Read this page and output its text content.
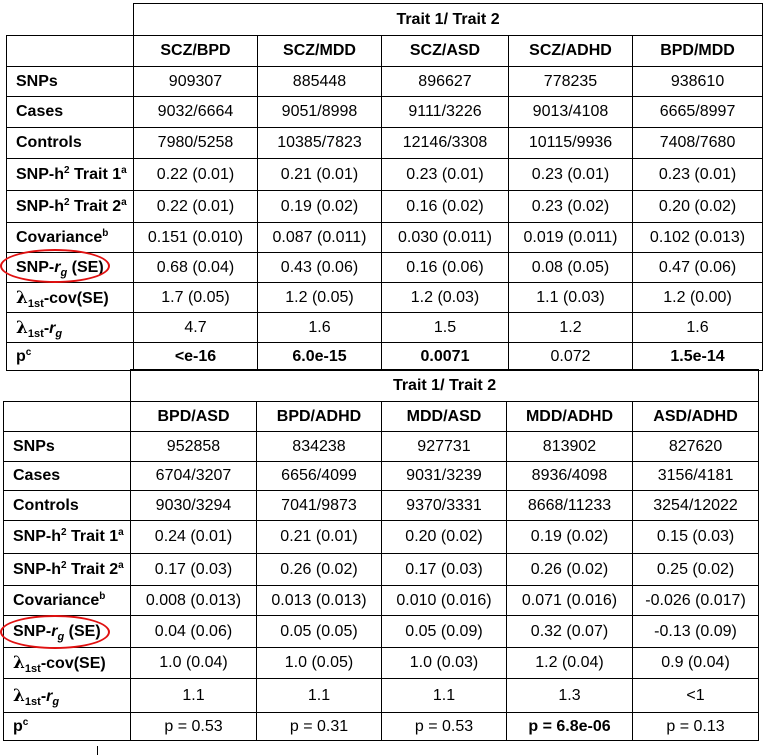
	Trait 1/ Trait 2				
	SCZ/BPD	SCZ/MDD	SCZ/ASD	SCZ/ADHD	BPD/MDD
SNPs	909307	885448	896627	778235	938610
Cases	9032/6664	9051/8998	9111/3226	9013/4108	6665/8997
Controls	7980/5258	10385/7823	12146/3308	10115/9936	7408/7680
SNP-$h^2$ Trait 1$^a$	0.22 (0.01)	0.21 (0.01)	0.23 (0.01)	0.23 (0.01)	0.23 (0.01)
SNP-$h^2$ Trait 2$^a$	0.22 (0.01)	0.19 (0.02)	0.16 (0.02)	0.23 (0.02)	0.20 (0.02)
Covariance$^b$	0.151 (0.010)	0.087 (0.011)	0.030 (0.011)	0.019 (0.011)	0.102 (0.013)
SNP-$r_g$ (SE)	0.68 (0.04)	0.43 (0.06)	0.16 (0.06)	0.08 (0.05)	0.47 (0.06)
$\lambda_{1st}-cov(SE)$	1.7 (0.05)	1.2 (0.05)	1.2 (0.03)	1.1 (0.03)	1.2 (0.00)
$\lambda_{1st}-r_g$	4.7	1.6	1.5	1.2	1.6
$p^c$	<e-16	6.0e-15	0.0071	0.072	1.5e-14
	Trait 1/ Trait 2				
	BPD/ASD	BPD/ADHD	MDD/ASD	MDD/ADHD	ASD/ADHD
SNPs	952858	834238	927731	813902	827620
Cases	6704/3207	6656/4099	9031/3239	8936/4098	3156/4181
Controls	9030/3294	7041/9873	9370/3331	8668/11233	3254/12022
SNP-$h^2$ Trait 1$^a$	0.24 (0.01)	0.21 (0.01)	0.20 (0.02)	0.19 (0.02)	0.15 (0.03)
SNP-$h^2$ Trait 2$^a$	0.17 (0.03)	0.26 (0.02)	0.17 (0.03)	0.26 (0.02)	0.25 (0.02)
Covariance$^b$	0.008 (0.013)	0.013 (0.013)	0.010 (0.016)	0.071 (0.016)	-0.026 (0.017)
SNP-$r_g$ (SE)	0.04 (0.06)	0.05 (0.05)	0.05 (0.09)	0.32 (0.07)	-0.13 (0.09)
$\lambda_{1st}-cov(SE)$	1.0 (0.04)	1.0 (0.05)	1.0 (0.03)	1.2 (0.04)	0.9 (0.04)
$\lambda_{1st}-r_g$	1.1	1.1	1.1	1.3	<1
$p^c$	p = 0.53	p = 0.31	p = 0.53	p = 6.8e-06	p = 0.13
